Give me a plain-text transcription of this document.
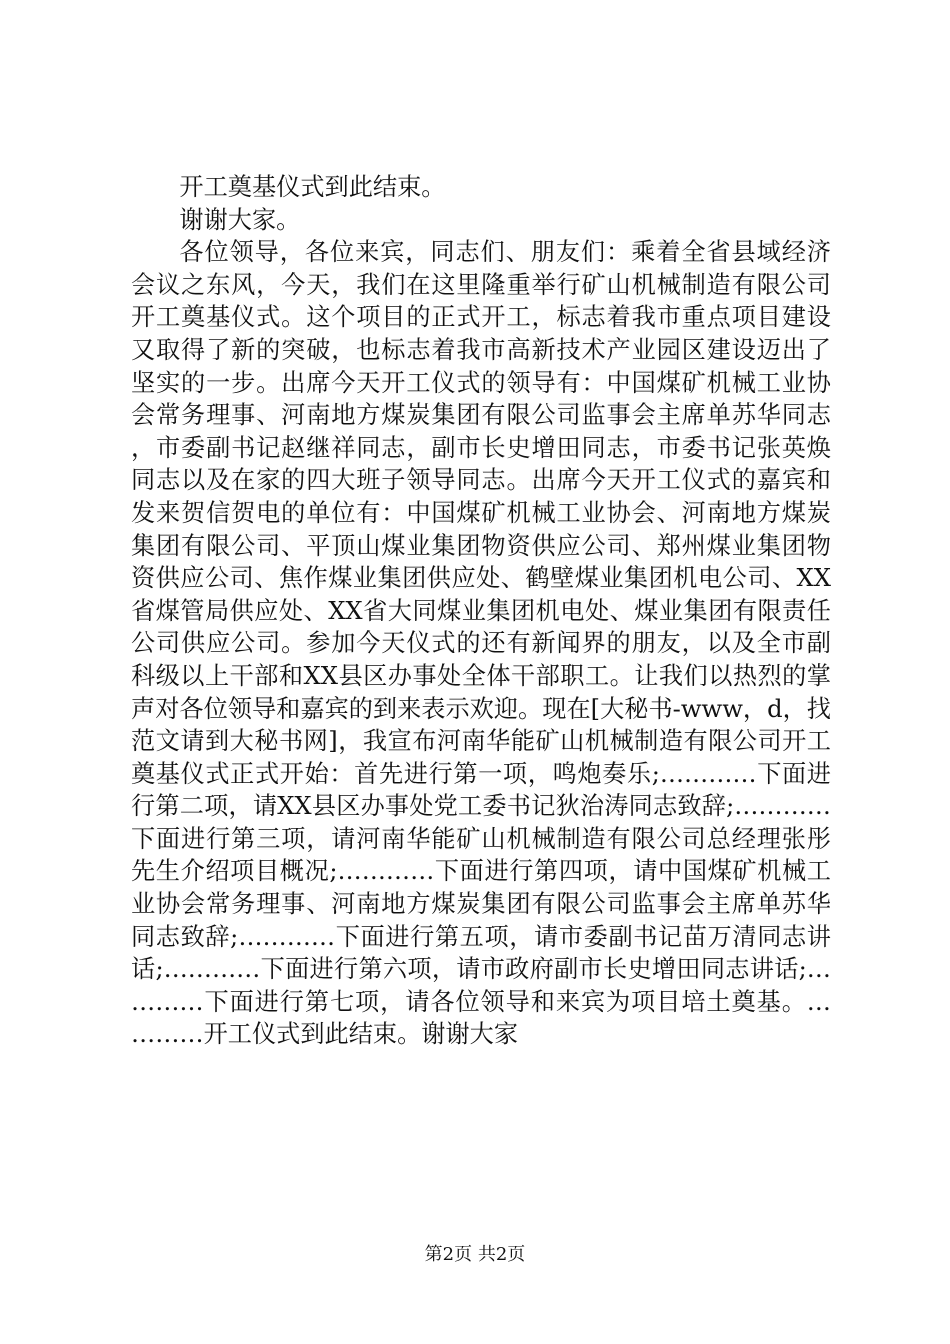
开工奠基仪式到此结束。

谢谢大家。

各位领导，各位来宾，同志们、朋友们：乘着全省县域经济会议之东风，今天，我们在这里隆重举行矿山机械制造有限公司开工奠基仪式。这个项目的正式开工，标志着我市重点项目建设又取得了新的突破，也标志着我市高新技术产业园区建设迈出了坚实的一步。出席今天开工仪式的领导有：中国煤矿机械工业协会常务理事、河南地方煤炭集团有限公司监事会主席单苏华同志，市委副书记赵继祥同志，副市长史增田同志，市委书记张英焕同志以及在家的四大班子领导同志。出席今天开工仪式的嘉宾和发来贺信贺电的单位有：中国煤矿机械工业协会、河南地方煤炭集团有限公司、平顶山煤业集团物资供应公司、郑州煤业集团物资供应公司、焦作煤业集团供应处、鹤壁煤业集团机电公司、XX省煤管局供应处、XX省大同煤业集团机电处、煤业集团有限责任公司供应公司。参加今天仪式的还有新闻界的朋友，以及全市副科级以上干部和XX县区办事处全体干部职工。让我们以热烈的掌声对各位领导和嘉宾的到来表示欢迎。现在[大秘书-www，d，找范文请到大秘书网]，我宣布河南华能矿山机械制造有限公司开工奠基仪式正式开始：首先进行第一项，鸣炮奏乐;…………下面进行第二项，请XX县区办事处党工委书记狄治涛同志致辞;…………下面进行第三项，请河南华能矿山机械制造有限公司总经理张彤先生介绍项目概况;…………下面进行第四项，请中国煤矿机械工业协会常务理事、河南地方煤炭集团有限公司监事会主席单苏华同志致辞;…………下面进行第五项，请市委副书记苗万清同志讲话;…………下面进行第六项，请市政府副市长史增田同志讲话;…………下面进行第七项，请各位领导和来宾为项目培土奠基。…………开工仪式到此结束。谢谢大家

第2页 共2页
